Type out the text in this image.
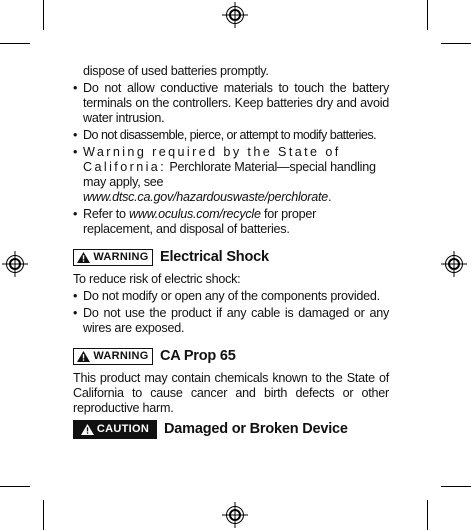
dispose of used batteries promptly.

• Do not allow conductive materials to touch the battery terminals on the controllers. Keep batteries dry and avoid water intrusion.

• Do not disassemble, pierce, or attempt to modify batteries.

• Warning required by the State of California: Perchlorate Material—special handling may apply, see www.dtsc.ca.gov/hazardouswaste/perchlorate.

• Refer to www.oculus.com/recycle for proper replacement, and disposal of batteries.

WARNING Electrical Shock

To reduce risk of electric shock:

• Do not modify or open any of the components provided.

• Do not use the product if any cable is damaged or any wires are exposed.

WARNING CA Prop 65

This product may contain chemicals known to the State of California to cause cancer and birth defects or other reproductive harm.

CAUTION Damaged or Broken Device
